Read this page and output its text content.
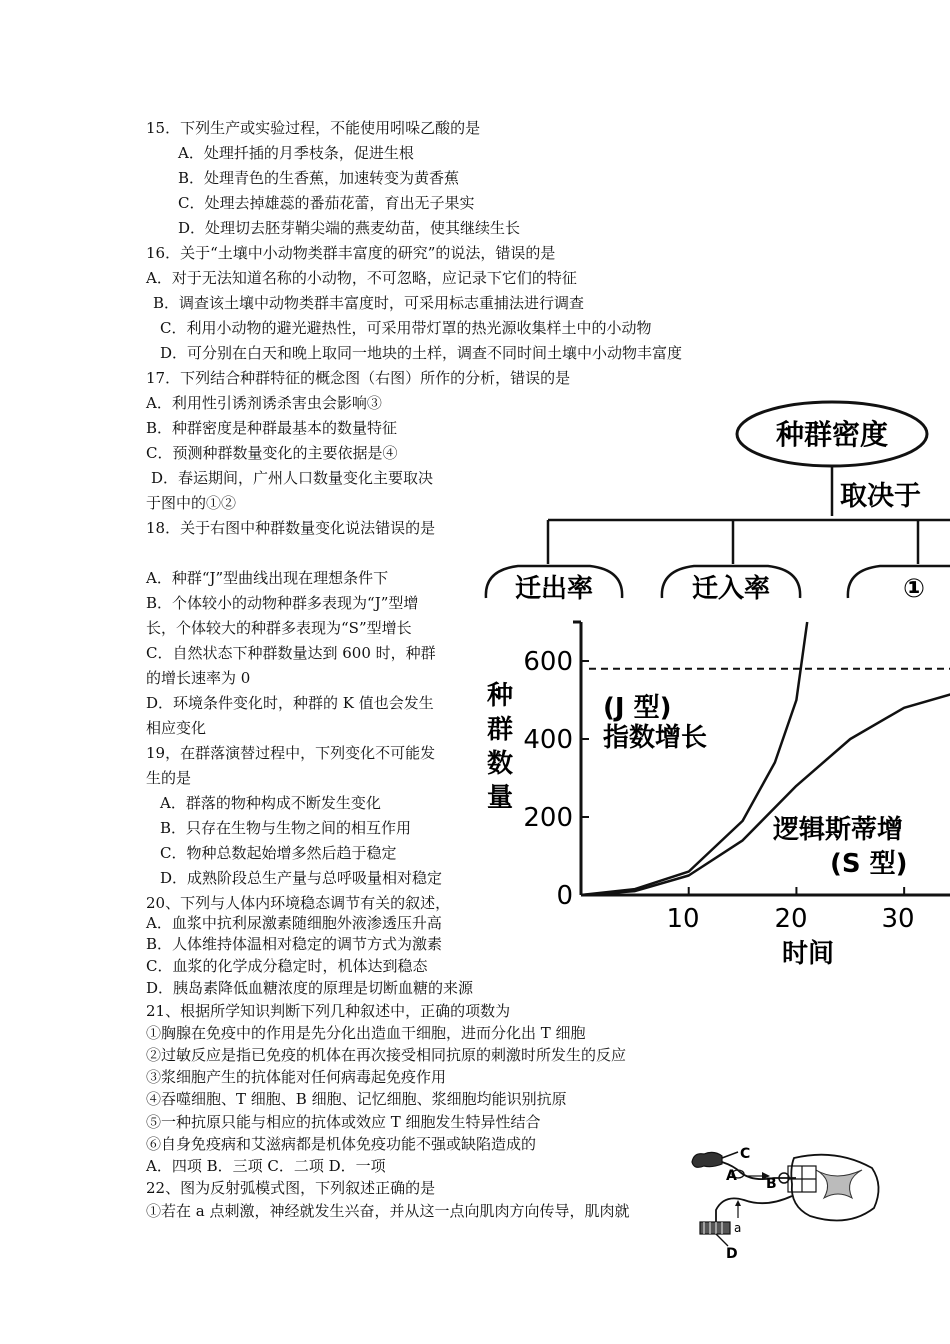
15．下列生产或实验过程，不能使用吲哚乙酸的是
A．处理扦插的月季枝条，促进生根
B．处理青色的生香蕉，加速转变为黄香蕉
C．处理去掉雄蕊的番茄花蕾，育出无子果实
D．处理切去胚芽鞘尖端的燕麦幼苗，使其继续生长
16．关于“土壤中小动物类群丰富度的研究”的说法，错误的是
A．对于无法知道名称的小动物，不可忽略，应记录下它们的特征
B．调查该土壤中动物类群丰富度时，可采用标志重捕法进行调查
C．利用小动物的避光避热性，可采用带灯罩的热光源收集样土中的小动物
D．可分别在白天和晚上取同一地块的土样，调查不同时间土壤中小动物丰富度
17．下列结合种群特征的概念图（右图）所作的分析，错误的是
A．利用性引诱剂诱杀害虫会影响③
B．种群密度是种群最基本的数量特征
C．预测种群数量变化的主要依据是④
D．春运期间，广州人口数量变化主要取决
于图中的①②
18．关于右图中种群数量变化说法错误的是
A．种群“J”型曲线出现在理想条件下
B．个体较小的动物种群多表现为“J”型增
长，个体较大的种群多表现为“S”型增长
C．自然状态下种群数量达到 600 时，种群
的增长速率为 0
D．环境条件变化时，种群的 K 值也会发生
相应变化
19，在群落演替过程中，下列变化不可能发
生的是
A．群落的物种构成不断发生变化
B．只存在生物与生物之间的相互作用
C．物种总数起始增多然后趋于稳定
D．成熟阶段总生产量与总呼吸量相对稳定
20、下列与人体内环境稳态调节有关的叙述，
A．血浆中抗利尿激素随细胞外液渗透压升高
B．人体维持体温相对稳定的调节方式为激素
C．血浆的化学成分稳定时，机体达到稳态
D．胰岛素降低血糖浓度的原理是切断血糖的来源
21、根据所学知识判断下列几种叙述中，正确的项数为
①胸腺在免疫中的作用是先分化出造血干细胞，进而分化出 T 细胞
②过敏反应是指已免疫的机体在再次接受相同抗原的刺激时所发生的反应
③浆细胞产生的抗体能对任何病毒起免疫作用
④吞噬细胞、T 细胞、B 细胞、记忆细胞、浆细胞均能识别抗原
⑤一种抗原只能与相应的抗体或效应 T 细胞发生特异性结合
⑥自身免疫病和艾滋病都是机体免疫功能不强或缺陷造成的
A．四项 B．三项 C．二项 D．一项
22、图为反射弧模式图，下列叙述正确的是
①若在 a 点刺激，神经就发生兴奋，并从这一点向肌肉方向传导，肌肉就
种群密度
取决于
迁出率	迁入率	①
种
群
数
量
600
400
200
0
10	20	30
时间
(J 型)
指数增长
逻辑斯蒂增
(S 型)
C
A B
a
D
